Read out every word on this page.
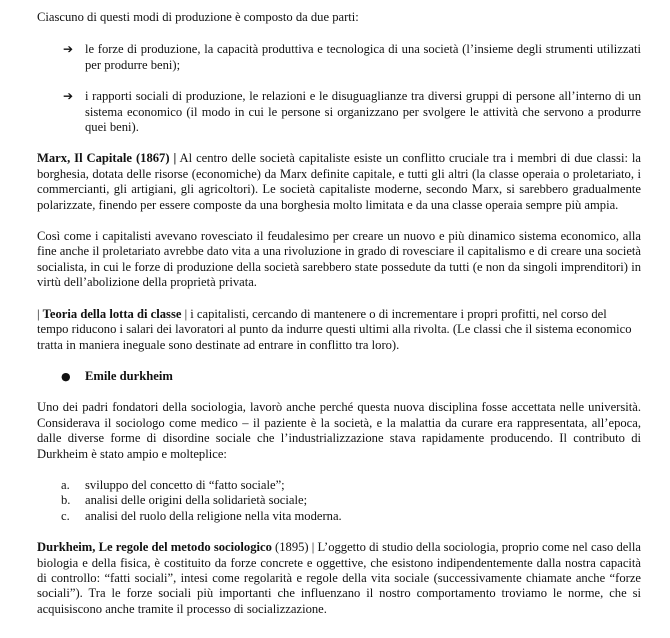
Ciascuno di questi modi di produzione è composto da due parti:

➔ le forze di produzione, la capacità produttiva e tecnologica di una società (l’insieme degli strumenti utilizzati per produrre beni);
➔ i rapporti sociali di produzione, le relazioni e le disuguaglianze tra diversi gruppi di persone all’interno di un sistema economico (il modo in cui le persone si organizzano per svolgere le attività che servono a produrre quei beni).

Marx, Il Capitale (1867) | Al centro delle società capitaliste esiste un conflitto cruciale tra i membri di due classi: la borghesia, dotata delle risorse (economiche) da Marx definite capitale, e tutti gli altri (la classe operaia o proletariato, i commercianti, gli artigiani, gli agricoltori). Le società capitaliste moderne, secondo Marx, si sarebbero gradualmente polarizzate, finendo per essere composte da una borghesia molto limitata e da una classe operaia sempre più ampia.

Così come i capitalisti avevano rovesciato il feudalesimo per creare un nuovo e più dinamico sistema economico, alla fine anche il proletariato avrebbe dato vita a una rivoluzione in grado di rovesciare il capitalismo e di creare una società socialista, in cui le forze di produzione della società sarebbero state possedute da tutti (e non da singoli imprenditori) in virtù dell’abolizione della proprietà privata.

| Teoria della lotta di classe | i capitalisti, cercando di mantenere o di incrementare i propri profitti, nel corso del tempo riducono i salari dei lavoratori al punto da indurre questi ultimi alla rivolta. (Le classi che il sistema economico tratta in maniera ineguale sono destinate ad entrare in conflitto tra loro).

● Emile durkheim

Uno dei padri fondatori della sociologia, lavorò anche perché questa nuova disciplina fosse accettata nelle università. Considerava il sociologo come medico – il paziente è la società, e la malattia da curare era rappresentata, all’epoca, dalle diverse forme di disordine sociale che l’industrializzazione stava rapidamente producendo. Il contributo di Durkheim è stato ampio e molteplice:

a. sviluppo del concetto di “fatto sociale”;
b. analisi delle origini della solidarietà sociale;
c. analisi del ruolo della religione nella vita moderna.

Durkheim, Le regole del metodo sociologico (1895) | L’oggetto di studio della sociologia, proprio come nel caso della biologia e della fisica, è costituito da forze concrete e oggettive, che esistono indipendentemente dalla nostra capacità di controllo: “fatti sociali”, intesi come regolarità e regole della vita sociale (successivamente chiamate anche “forze sociali”). Tra le forze sociali più importanti che influenzano il nostro comportamento troviamo le norme, che si acquisiscono anche tramite il processo di socializzazione.
